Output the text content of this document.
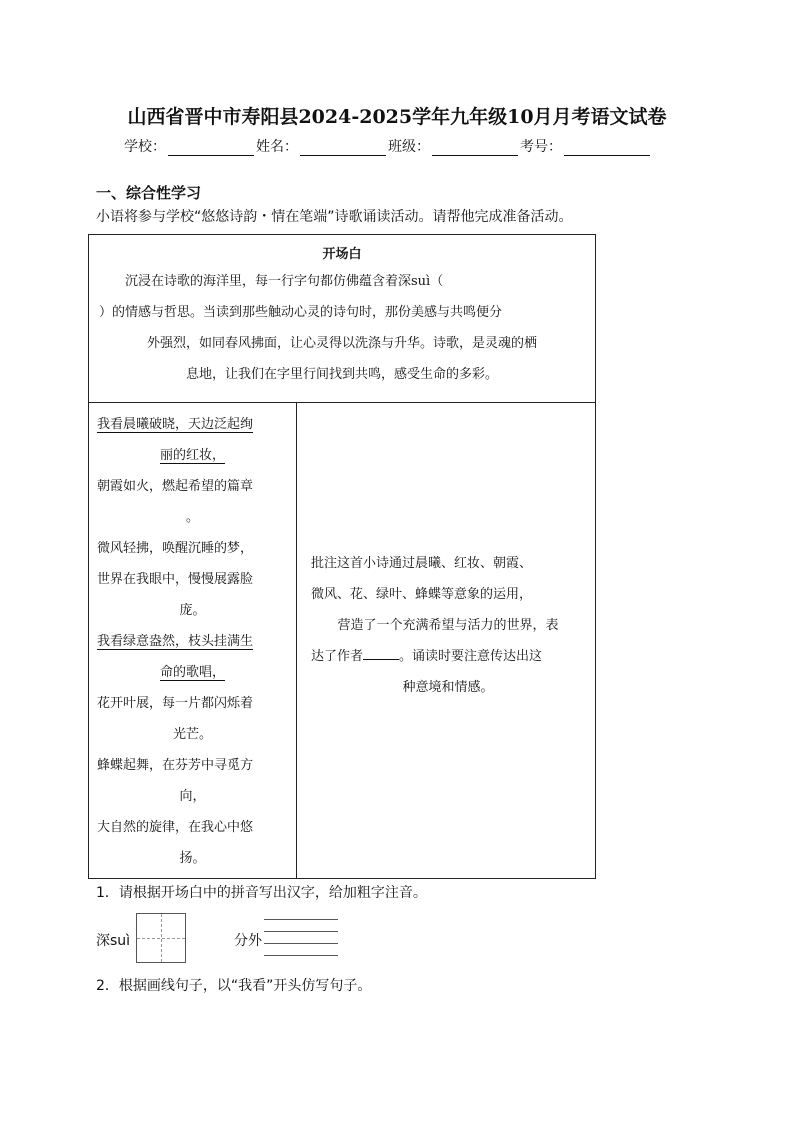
山西省晋中市寿阳县2024-2025学年九年级10月月考语文试卷
学校：	姓名：	班级：	考号：
一、综合性学习
小语将参与学校“悠悠诗韵・情在笔端”诗歌诵读活动。请帮他完成准备活动。
开场白

　　沉浸在诗歌的海洋里，每一行字句都仿佛蕴含着深suì（

）的情感与哲思。当读到那些触动心灵的诗句时，那份美感与共鸣便分

外强烈，如同春风拂面，让心灵得以洗涤与升华。诗歌，是灵魂的栖

息地，让我们在字里行间找到共鸣，感受生命的多彩。

我看晨曦破晓，天边泛起绚
丽的红妆，
朝霞如火，燃起希望的篇章
。
微风轻拂，唤醒沉睡的梦，
世界在我眼中，慢慢展露脸
庞。
我看绿意盎然，枝头挂满生
命的歌唱，
花开叶展，每一片都闪烁着
光芒。
蜂蝶起舞，在芬芳中寻觅方
向，
大自然的旋律，在我心中悠
扬。

批注这首小诗通过晨曦、红妆、朝霞、

微风、花、绿叶、蜂蝶等意象的运用，

营造了一个充满希望与活力的世界，表

达了作者	。诵读时要注意传达出这

种意境和情感。

1．请根据开场白中的拼音写出汉字，给加粗字注音。
深suì	分外
2．根据画线句子，以“我看”开头仿写句子。
